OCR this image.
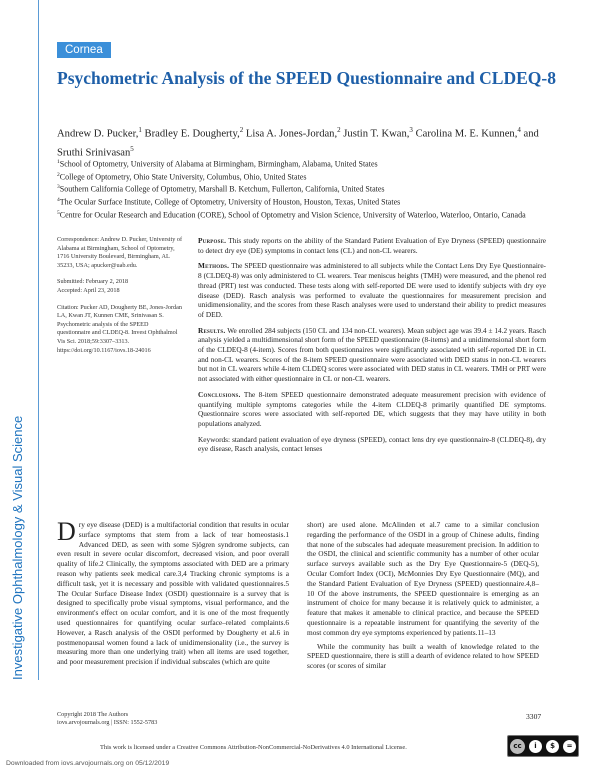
Investigative Ophthalmology & Visual Science
Cornea
Psychometric Analysis of the SPEED Questionnaire and CLDEQ-8
Andrew D. Pucker,$^1$ Bradley E. Dougherty,$^2$ Lisa A. Jones-Jordan,$^2$ Justin T. Kwan,$^3$ Carolina M. E. Kunnen,$^4$ and Sruthi Srinivasan$^5$
$^1$School of Optometry, University of Alabama at Birmingham, Birmingham, Alabama, United States
$^2$College of Optometry, Ohio State University, Columbus, Ohio, United States
$^3$Southern California College of Optometry, Marshall B. Ketchum, Fullerton, California, United States
$^4$The Ocular Surface Institute, College of Optometry, University of Houston, Houston, Texas, United States
$^5$Centre for Ocular Research and Education (CORE), School of Optometry and Vision Science, University of Waterloo, Waterloo, Ontario, Canada

Correspondence: Andrew D. Pucker, University of Alabama at Birmingham, School of Optometry, 1716 University Boulevard, Birmingham, AL 35233, USA; apucker@uab.edu.

Submitted: February 2, 2018
Accepted: April 23, 2018

Citation: Pucker AD, Dougherty BE, Jones-Jordan LA, Kwan JT, Kunnen CME, Srinivasan S. Psychometric analysis of the SPEED questionnaire and CLDEQ-8. Invest Ophthalmol Vis Sci. 2018;59:3307–3313. https://doi.org/10.1167/iovs.18-24016

Purpose. This study reports on the ability of the Standard Patient Evaluation of Eye Dryness (SPEED) questionnaire to detect dry eye (DE) symptoms in contact lens (CL) and non-CL wearers.

Methods. The SPEED questionnaire was administered to all subjects while the Contact Lens Dry Eye Questionnaire-8 (CLDEQ-8) was only administered to CL wearers. Tear meniscus heights (TMH) were measured, and the phenol red thread (PRT) test was conducted. These tests along with self-reported DE were used to identify subjects with dry eye disease (DED). Rasch analysis was performed to evaluate the questionnaires for measurement precision and unidimensionality, and the scores from these Rasch analyses were used to understand their ability to predict measures of DED.

Results. We enrolled 284 subjects (150 CL and 134 non-CL wearers). Mean subject age was 39.4 ± 14.2 years. Rasch analysis yielded a multidimensional short form of the SPEED questionnaire (8-items) and a unidimensional short form of the CLDEQ-8 (4-item). Scores from both questionnaires were significantly associated with self-reported DE in CL and non-CL wearers. Scores of the 8-item SPEED questionnaire were associated with DED status in non-CL wearers but not in CL wearers while 4-item CLDEQ scores were associated with DED status in CL wearers. TMH or PRT were not associated with either questionnaire in CL or non-CL wearers.

Conclusions. The 8-item SPEED questionnaire demonstrated adequate measurement precision with evidence of quantifying multiple symptoms categories while the 4-item CLDEQ-8 primarily quantified DE symptoms. Questionnaire scores were associated with self-reported DE, which suggests that they may have utility in both populations analyzed.

Keywords: standard patient evaluation of eye dryness (SPEED), contact lens dry eye questionnaire-8 (CLDEQ-8), dry eye disease, Rasch analysis, contact lenses

Dry eye disease (DED) is a multifactorial condition that results in ocular surface symptoms that stem from a lack of tear homeostasis.1 Advanced DED, as seen with some Sjögren syndrome subjects, can even result in severe ocular discomfort, decreased vision, and poor overall quality of life.2 Clinically, the symptoms associated with DED are a primary reason why patients seek medical care.3,4 Tracking chronic symptoms is a difficult task, yet it is necessary and possible with validated questionnaires.5 The Ocular Surface Disease Index (OSDI) questionnaire is a survey that is designed to specifically probe visual symptoms, visual performance, and the environment's effect on ocular comfort, and it is one of the most frequently used questionnaires for quantifying ocular surface–related complaints.6 However, a Rasch analysis of the OSDI performed by Dougherty et al.6 in postmenopausal women found a lack of unidimensionality (i.e., the survey is measuring more than one underlying trait) when all items are used together, and poor measurement precision if individual subscales (which are quite

short) are used alone. McAlinden et al.7 came to a similar conclusion regarding the performance of the OSDI in a group of Chinese adults, finding that none of the subscales had adequate measurement precision. In addition to the OSDI, the clinical and scientific community has a number of other ocular surface surveys available such as the Dry Eye Questionnaire-5 (DEQ-5), Ocular Comfort Index (OCI), McMonnies Dry Eye Questionnaire (MQ), and the Standard Patient Evaluation of Eye Dryness (SPEED) questionnaire.4,8–10 Of the above instruments, the SPEED questionnaire is emerging as an instrument of choice for many because it is relatively quick to administer, a feature that makes it amenable to clinical practice, and because the SPEED questionnaire is a repeatable instrument for quantifying the severity of the most common dry eye symptoms experienced by patients.11–13

While the community has built a wealth of knowledge related to the SPEED questionnaire, there is still a dearth of evidence related to how SPEED scores (or scores of similar

Copyright 2018 The Authors
iovs.arvojournals.org | ISSN: 1552-5783
3307
This work is licensed under a Creative Commons Attribution-NonCommercial-NoDerivatives 4.0 International License.	cc	i	$	=
Downloaded from iovs.arvojournals.org on 05/12/2019
